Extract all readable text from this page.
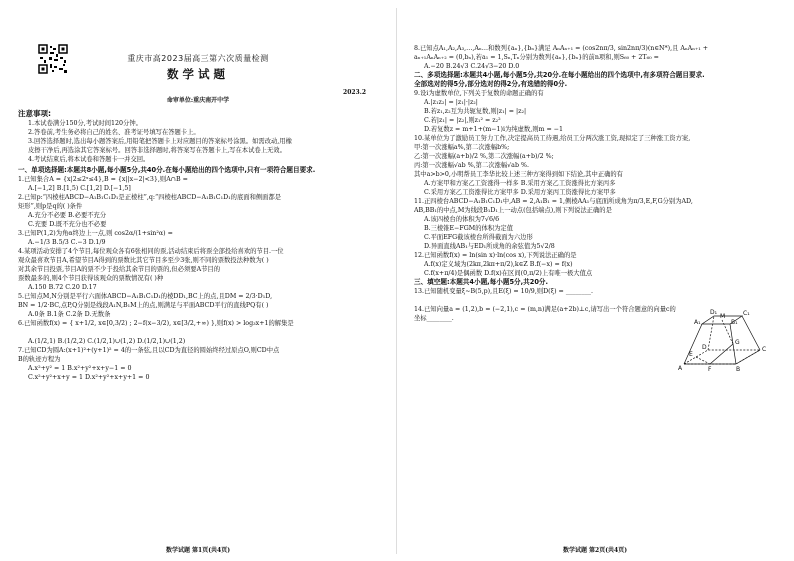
重庆市高2023届高三第六次质量检测
数学试题
2023.2
命审单位:重庆南开中学
注意事项:
1.本试卷满分150分,考试时间120分钟。
2.答卷前,考生务必将自己的姓名、准考证号填写在答题卡上。
3.回答选择题时,选出每小题答案后,用铅笔把答题卡上对应题目的答案标号涂黑。如需改动,用橡
皮擦干净后,再选涂其它答案标号。回答非选择题时,将答案写在答题卡上,写在本试卷上无效。
4.考试结束后,将本试卷和答题卡一并交回。
一、单项选择题:本题共8小题,每小题5分,共40分.在每小题给出的四个选项中,只有一项符合题目要求.
1.已知集合A = {x|2≤2ˣ≤4},B = {x||x−2|<3},则A∩B =
A.[−1,2] B.[1,5) C.[1,2] D.[−1,5]
2.已知p:“四棱柱ABCD−A₁B₁C₁D₁是正棱柱”,q:“四棱柱ABCD−A₁B₁C₁D₁的底面和侧面都是
矩形”,则p是q的( )条件
A.充分不必要 B.必要不充分
C.充要 D.既不充分也不必要
3.已知P(1,2)为角α终边上一点,则 cos2α/(1+sin²α) =
A.−1/3 B.5/3 C.−3 D.1/9
4.某项活动安排了4个节目,每位观众各有6张相同的票,活动结束后将票全部投给喜欢的节目.一位
观众最喜欢节目A,希望节目A得到的票数比其它节目多至少3张,则不同的票数投法种数为( )
对其余节目投票,节目A的票不少于投给其余节目的票的,但必须要A节目的
票数最多的,则4个节目获得该观众的票数情况有( )种
A.150 B.72 C.20 D.17
5.已知点M,N分别是平行六面体ABCD−A₁B₁C₁D₁的棱DD₁,BC上的点,且DM = 2/3·D₁D,
BN = 1/2·BC,点P,Q分别是线段A₁N,B₁M上的点,则满足与平面ABCD平行的直线PQ有( )
A.0条 B.1条 C.2条 D.无数条
6.已知函数f(x) = { x+1/2, x∈[0,3/2) ; 2−f(x−3/2), x∈[3/2,+∞) },则f(x) > log₃x+1的解集是
A.(1/2,1) B.(1/2,2) C.(1/2,1)∪(1,2) D.(1/2,1)∪(1,2)
7.已知CD为圆A:(x+1)²+(y+1)² = 4的一条弦,且以CD为直径的圆始终经过原点O,则CD中点
B的轨迹方程为
A.x²+y² = 1 B.x²+y²+x+y−1 = 0
C.x²+y²+x+y = 1 D.x²+y²+x+y+1 = 0
数学试题 第1页(共4页)
8.已知点A₁,A₂,A₃,…,Aₙ…和数列{aₙ},{bₙ}满足 AₙAₙ₊₁ = (cos2nπ/3, sin2nπ/3)(n∈N*),且 AₙAₙ₊₁ +
aₙ₊₁AₙAₙ₊₂ = (0,bₙ),若a₁ = 1,Sₙ,Tₙ分别为数列{aₙ},{bₙ}的前n项和,则S₆₀ + 2T₆₀ =
A.−20 B.24√3 C.24√3−20 D.0
二、多项选择题:本题共4小题,每小题5分,共20分.在每小题给出的四个选项中,有多项符合题目要求.
全部选对的得5分,部分选对的得2分,有选错的得0分.
9.设i为虚数单位,下列关于复数的命题正确的有
A.|z₁z₂| = |z₁|·|z₂|
B.若z₁,z₂互为共轭复数,则|z₁| = |z₂|
C.若|z₁| = |z₂|,则z₁² = z₂²
D.若复数z = m+1+(m−1)i为纯虚数,则m = −1
10.某单位为了激励员工努力工作,决定提高员工待遇,给员工分两次涨工资,现拟定了三种涨工资方案,
甲:第一次涨幅a%,第二次涨幅b%;
乙:第一次涨幅(a+b)/2 %,第二次涨幅(a+b)/2 %;
丙:第一次涨幅√ab %,第二次涨幅√ab %.
其中a>b>0,小明帮员工李华比较上述三种方案得到如下结论,其中正确的有
A.方案甲和方案乙工资涨得一样多 B.采用方案乙工资涨得比方案丙多
C.采用方案乙工资涨得比方案甲多 D.采用方案丙工资涨得比方案甲多
11.正四棱台ABCD−A₁B₁C₁D₁中,AB = 2,A₁B₁ = 1,侧棱AA₁与底面所成角为π/3,E,F,G分别为AD,
AB,BB₁的中点,M为线段B₁D₁上一动点(包括端点),则下列说法正确的是
A.该四棱台的体积为7√6/6
B.三棱锥E−FGM的体积为定值
C.平面EFG截该棱台所得截面为六边形
D.异面直线AB₁与ED₁所成角的余弦值为5√2/8
12.已知函数f(x) = ln(sin x)·ln(cos x),下列说法正确的是
A.f(x)定义域为(2kπ,2kπ+π/2),k∈Z B.f(−x) = f(x)
C.f(x+π/4)是偶函数 D.f(x)在区间(0,π/2)上有唯一极大值点
三、填空题:本题共4小题,每小题5分,共20分.
13.已知随机变量ξ~B(5,p),且E(ξ) = 10/9,则D(ξ) = ________.
14.已知向量a = (1,2),b = (−2,1),c = (m,n)满足(a+2b)⊥c,请写出一个符合题意的向量c的
坐标________.
D₁	C₁
A₁	B₁
D	C
A	B
E
F
G
M
数学试题 第2页(共4页)
